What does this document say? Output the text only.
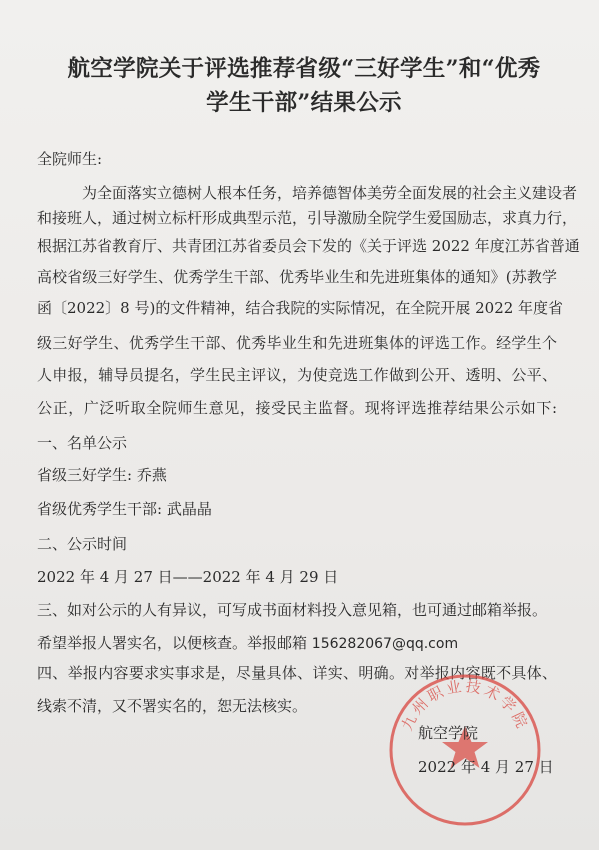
航空学院关于评选推荐省级“三好学生”和“优秀
学生干部”结果公示
全院师生:
为全面落实立德树人根本任务，培养德智体美劳全面发展的社会主义建设者
和接班人，通过树立标杆形成典型示范，引导激励全院学生爱国励志，求真力行，
根据江苏省教育厅、共青团江苏省委员会下发的《关于评选 2022 年度江苏省普通
高校省级三好学生、优秀学生干部、优秀毕业生和先进班集体的通知》(苏教学
函〔2022〕8 号)的文件精神，结合我院的实际情况，在全院开展 2022 年度省
级三好学生、优秀学生干部、优秀毕业生和先进班集体的评选工作。经学生个
人申报，辅导员提名，学生民主评议，为使竞选工作做到公开、透明、公平、
公正，广泛听取全院师生意见，接受民主监督。现将评选推荐结果公示如下:
一、名单公示
省级三好学生: 乔燕
省级优秀学生干部: 武晶晶
二、公示时间
2022 年 4 月 27 日——2022 年 4 月 29 日
三、如对公示的人有异议，可写成书面材料投入意见箱，也可通过邮箱举报。
希望举报人署实名，以便核查。举报邮箱 156282067@qq.com
四、举报内容要求实事求是，尽量具体、详实、明确。对举报内容既不具体、
线索不清，又不署实名的，恕无法核实。
九州职业技术学院
航空学院
2022 年 4 月 27 日
